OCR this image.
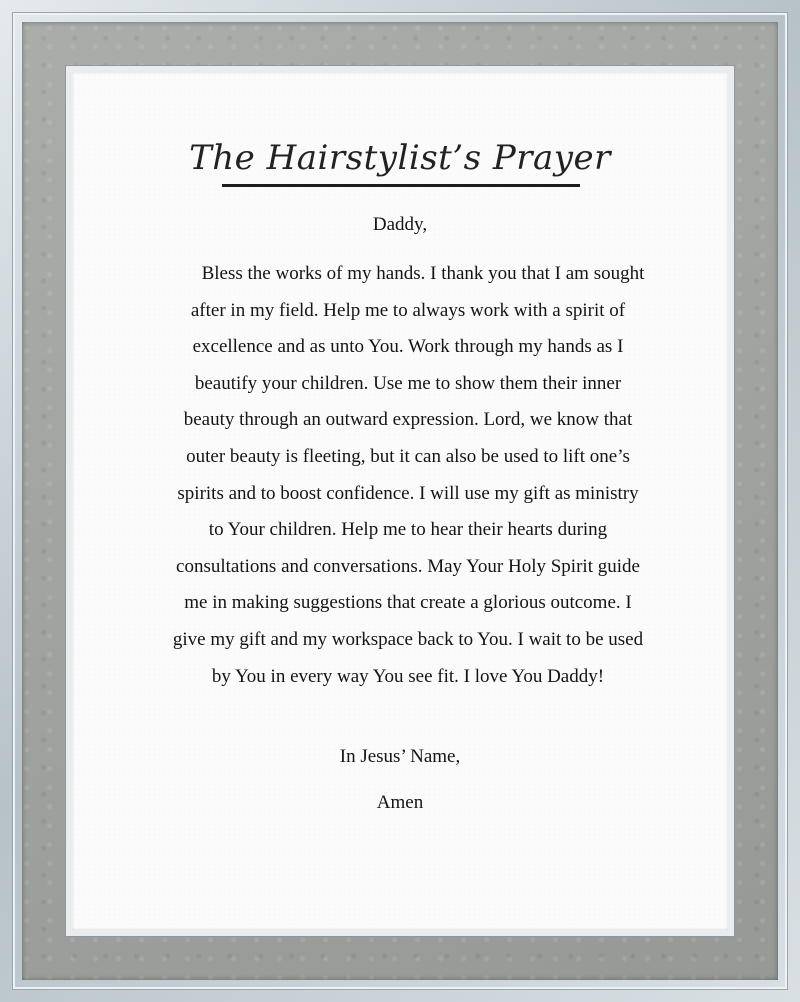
The Hairstylist’s Prayer
Daddy,

Bless the works of my hands. I thank you that I am sought after in my field. Help me to always work with a spirit of excellence and as unto You. Work through my hands as I beautify your children. Use me to show them their inner beauty through an outward expression. Lord, we know that outer beauty is fleeting, but it can also be used to lift one’s spirits and to boost confidence. I will use my gift as ministry to Your children. Help me to hear their hearts during consultations and conversations. May Your Holy Spirit guide me in making suggestions that create a glorious outcome. I give my gift and my workspace back to You. I wait to be used by You in every way You see fit. I love You Daddy!

In Jesus’ Name,
Amen
